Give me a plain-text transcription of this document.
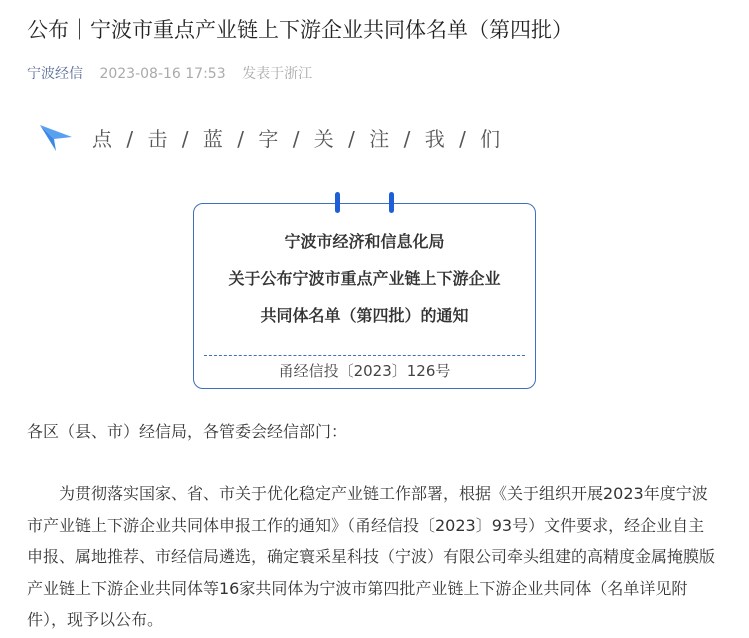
公布｜宁波市重点产业链上下游企业共同体名单（第四批）
宁波经信 2023-08-16 17:53 发表于浙江
点 / 击 / 蓝 / 字 / 关 / 注 / 我 / 们
宁波市经济和信息化局
关于公布宁波市重点产业链上下游企业
共同体名单（第四批）的通知
甬经信投〔2023〕126号
各区（县、市）经信局，各管委会经信部门：
　　为贯彻落实国家、省、市关于优化稳定产业链工作部署，根据《关于组织开展2023年度宁波市产业链上下游企业共同体申报工作的通知》（甬经信投〔2023〕93号）文件要求，经企业自主申报、属地推荐、市经信局遴选，确定寰采星科技（宁波）有限公司牵头组建的高精度金属掩膜版产业链上下游企业共同体等16家共同体为宁波市第四批产业链上下游企业共同体（名单详见附件），现予以公布。
